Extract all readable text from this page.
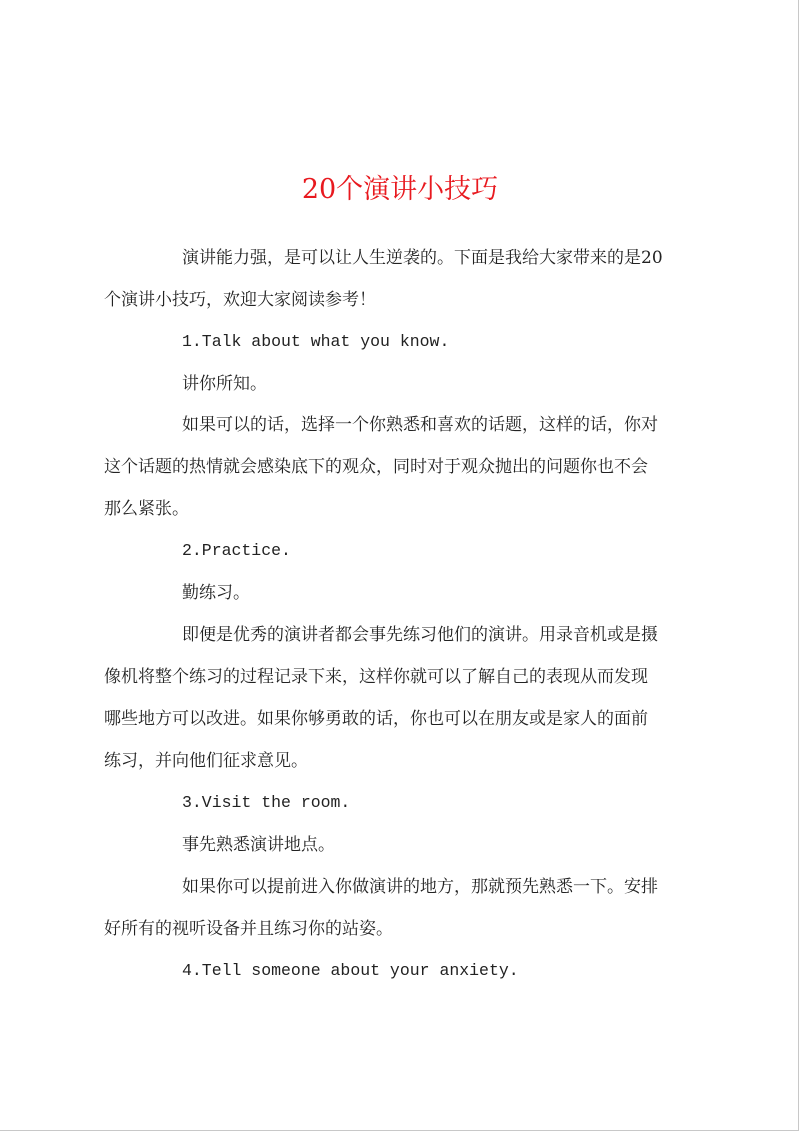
20个演讲小技巧
演讲能力强，是可以让人生逆袭的。下面是我给大家带来的是20
个演讲小技巧，欢迎大家阅读参考！
1.Talk about what you know.
讲你所知。
如果可以的话，选择一个你熟悉和喜欢的话题，这样的话，你对
这个话题的热情就会感染底下的观众，同时对于观众抛出的问题你也不会
那么紧张。
2.Practice.
勤练习。
即便是优秀的演讲者都会事先练习他们的演讲。用录音机或是摄
像机将整个练习的过程记录下来，这样你就可以了解自己的表现从而发现
哪些地方可以改进。如果你够勇敢的话，你也可以在朋友或是家人的面前
练习，并向他们征求意见。
3.Visit the room.
事先熟悉演讲地点。
如果你可以提前进入你做演讲的地方，那就预先熟悉一下。安排
好所有的视听设备并且练习你的站姿。
4.Tell someone about your anxiety.
